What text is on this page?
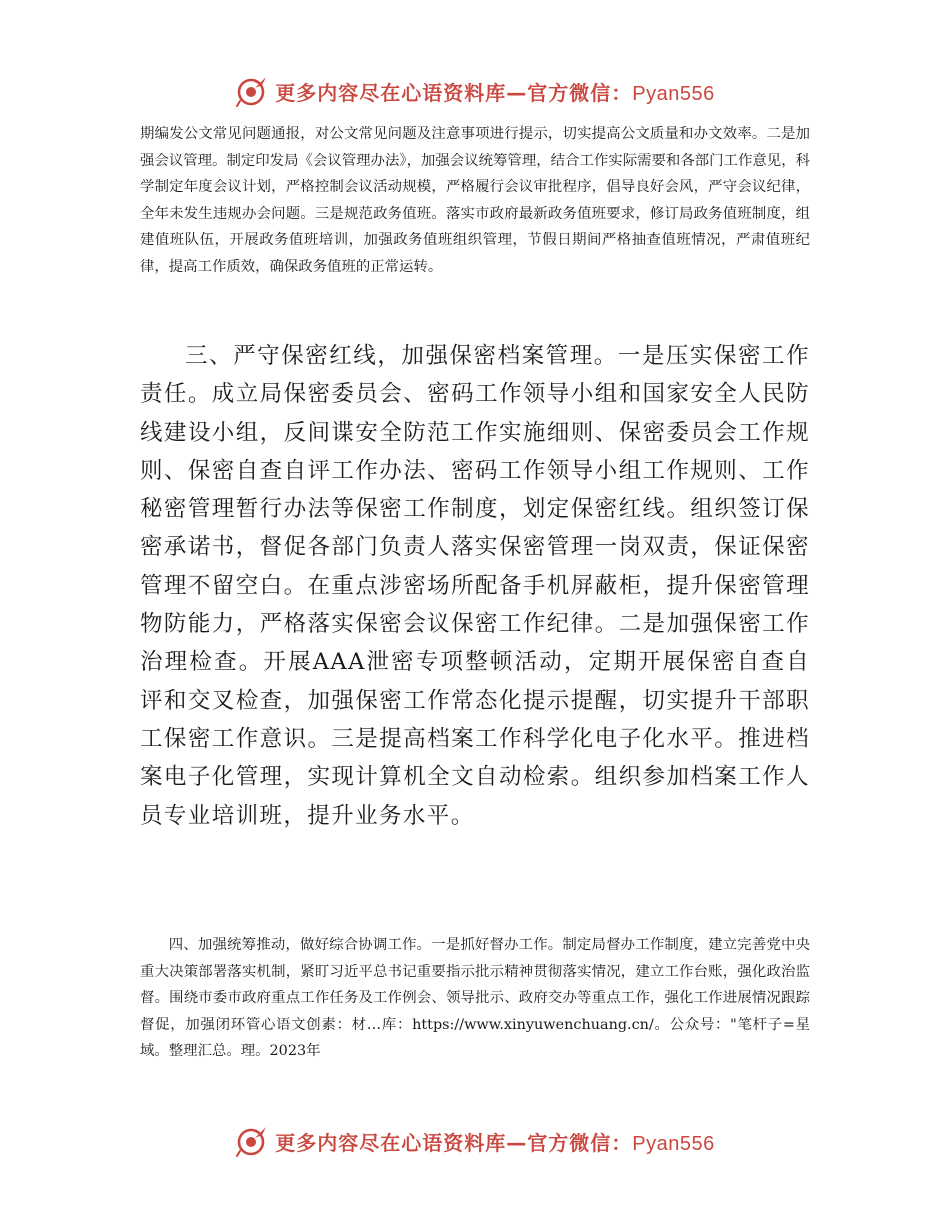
更多内容尽在心语资料库—官方微信：Pyan556

期编发公文常见问题通报，对公文常见问题及注意事项进行提示，切实提高公文质量和办文效率。二是加强会议管理。制定印发局《会议管理办法》，加强会议统筹管理，结合工作实际需要和各部门工作意见，科学制定年度会议计划，严格控制会议活动规模，严格履行会议审批程序，倡导良好会风，严守会议纪律，全年未发生违规办会问题。三是规范政务值班。落实市政府最新政务值班要求，修订局政务值班制度，组建值班队伍，开展政务值班培训，加强政务值班组织管理，节假日期间严格抽查值班情况，严肃值班纪律，提高工作质效，确保政务值班的正常运转。

三、严守保密红线，加强保密档案管理。一是压实保密工作责任。成立局保密委员会、密码工作领导小组和国家安全人民防线建设小组，反间谍安全防范工作实施细则、保密委员会工作规则、保密自查自评工作办法、密码工作领导小组工作规则、工作秘密管理暂行办法等保密工作制度，划定保密红线。组织签订保密承诺书，督促各部门负责人落实保密管理一岗双责，保证保密管理不留空白。在重点涉密场所配备手机屏蔽柜，提升保密管理物防能力，严格落实保密会议保密工作纪律。二是加强保密工作治理检查。开展AAA泄密专项整顿活动，定期开展保密自查自评和交叉检查，加强保密工作常态化提示提醒，切实提升干部职工保密工作意识。三是提高档案工作科学化电子化水平。推进档案电子化管理，实现计算机全文自动检索。组织参加档案工作人员专业培训班，提升业务水平。

四、加强统筹推动，做好综合协调工作。一是抓好督办工作。制定局督办工作制度，建立完善党中央重大决策部署落实机制，紧盯习近平总书记重要指示批示精神贯彻落实情况，建立工作台账，强化政治监督。围绕市委市政府重点工作任务及工作例会、领导批示、政府交办等重点工作，强化工作进展情况跟踪督促，加强闭环管心语文创素：材…库：https://www.xinyuwenchuang.cn/。公众号："笔杆子=星域。整理汇总。理。2023年

更多内容尽在心语资料库—官方微信：Pyan556
